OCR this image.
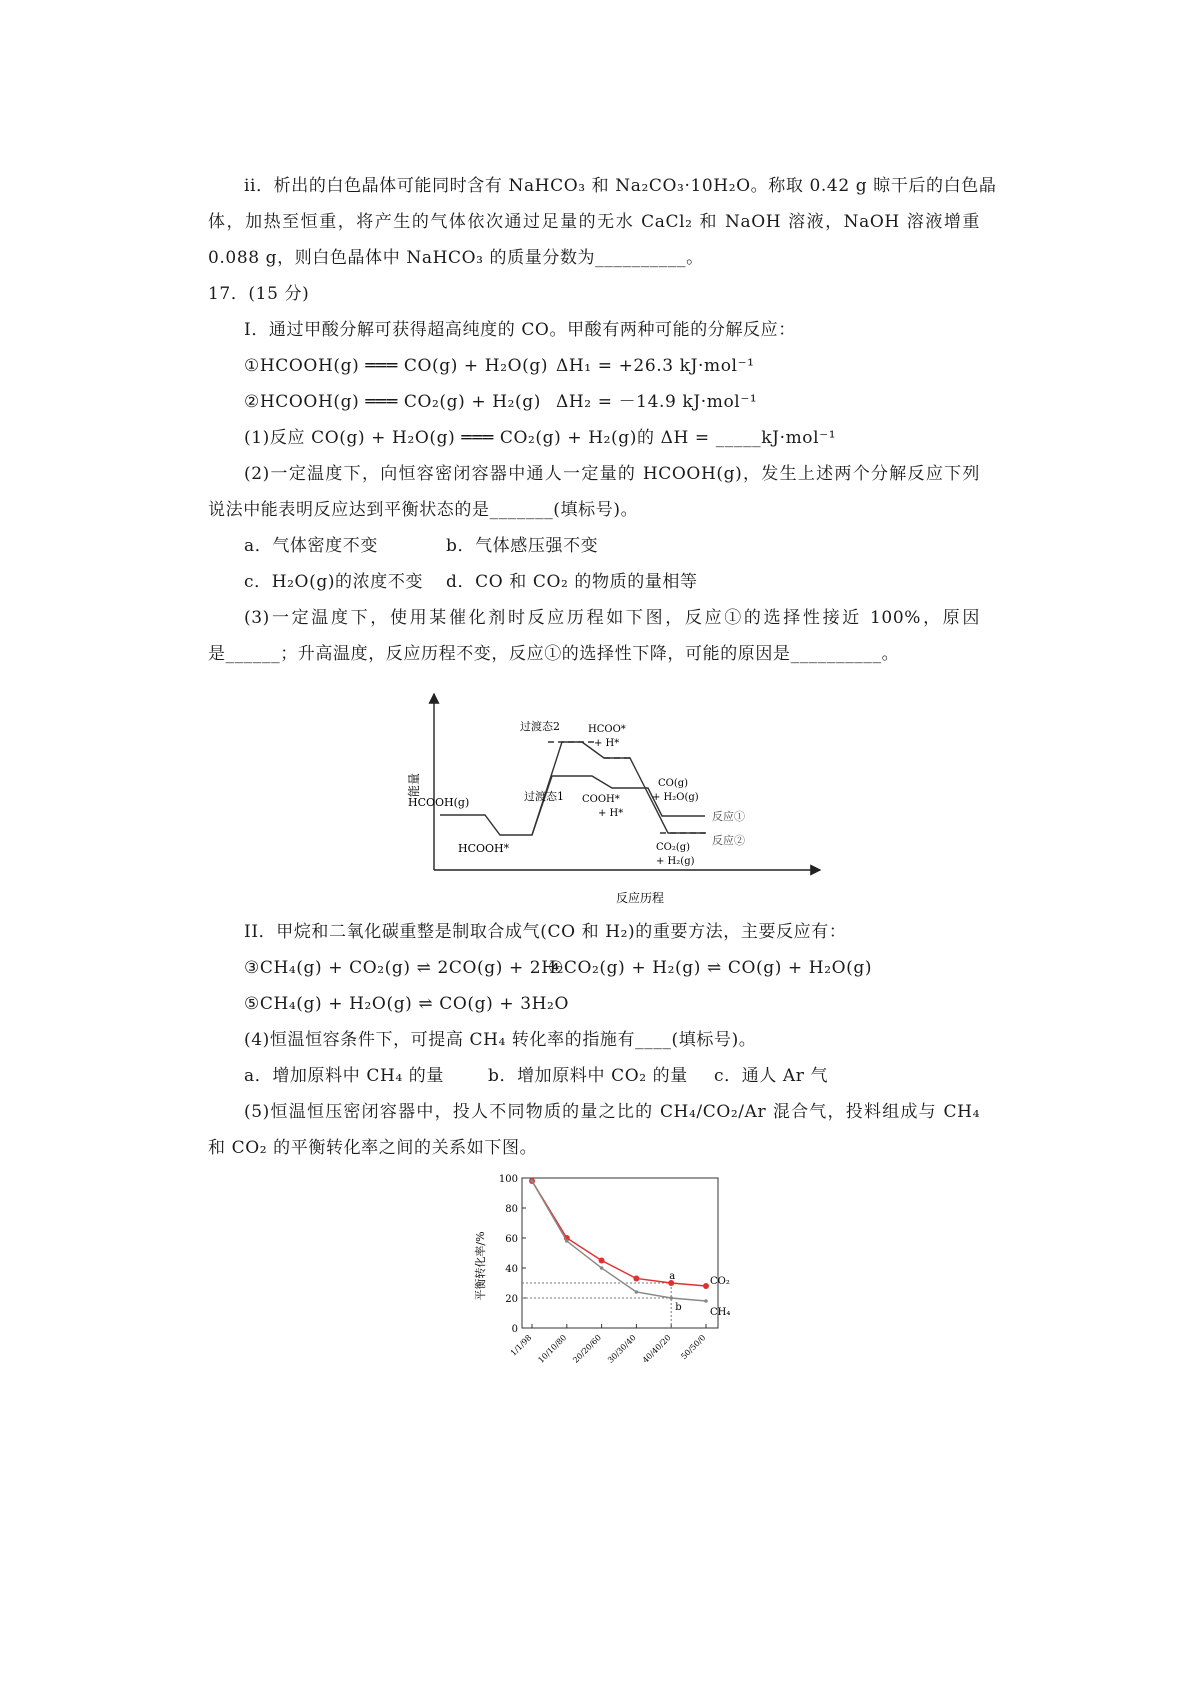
ii．析出的白色晶体可能同时含有 NaHCO₃ 和 Na₂CO₃·10H₂O。称取 0.42 g 晾干后的白色晶
体，加热至恒重，将产生的气体依次通过足量的无水 CaCl₂ 和 NaOH 溶液，NaOH 溶液增重
0.088 g，则白色晶体中 NaHCO₃ 的质量分数为__________。
17．(15 分)
I．通过甲酸分解可获得超高纯度的 CO。甲酸有两种可能的分解反应：
①HCOOH(g) ═══ CO(g) + H₂O(g) ΔH₁ = +26.3 kJ·mol⁻¹
②HCOOH(g) ═══ CO₂(g) + H₂(g) ΔH₂ = －14.9 kJ·mol⁻¹
(1)反应 CO(g) + H₂O(g) ═══ CO₂(g) + H₂(g)的 ΔH = _____kJ·mol⁻¹
(2)一定温度下，向恒容密闭容器中通人一定量的 HCOOH(g)，发生上述两个分解反应下列
说法中能表明反应达到平衡状态的是_______(填标号)。
a．气体密度不变	b．气体感压强不变
c．H₂O(g)的浓度不变 d．CO 和 CO₂ 的物质的量相等
(3)一定温度下，使用某催化剂时反应历程如下图，反应①的选择性接近 100%，原因
是______；升高温度，反应历程不变，反应①的选择性下降，可能的原因是__________。
能量
反应历程
HCOOH(g)
HCOOH*
过渡态2	HCOO*
+ H*
过渡态1 COOH*
+ H*
CO(g)
+ H₂O(g)
CO₂(g)
+ H₂(g)
反应①
反应②
II．甲烷和二氧化碳重整是制取合成气(CO 和 H₂)的重要方法，主要反应有：
③CH₄(g) + CO₂(g) ⇌ 2CO(g) + 2H₂
④CO₂(g) + H₂(g) ⇌ CO(g) + H₂O(g)
⑤CH₄(g) + H₂O(g) ⇌ CO(g) + 3H₂O
(4)恒温恒容条件下，可提高 CH₄ 转化率的指施有____(填标号)。
a．增加原料中 CH₄ 的量	b．增加原料中 CO₂ 的量 c．通人 Ar 气
(5)恒温恒压密闭容器中，投人不同物质的量之比的 CH₄/CO₂/Ar 混合气，投料组成与 CH₄
和 CO₂ 的平衡转化率之间的关系如下图。
0
20
40
60
80
100
1/1/98 10/10/80 20/20/60 30/30/40 40/40/20 50/50/0
CO₂
CH₄
a
b
平衡转化率/%
